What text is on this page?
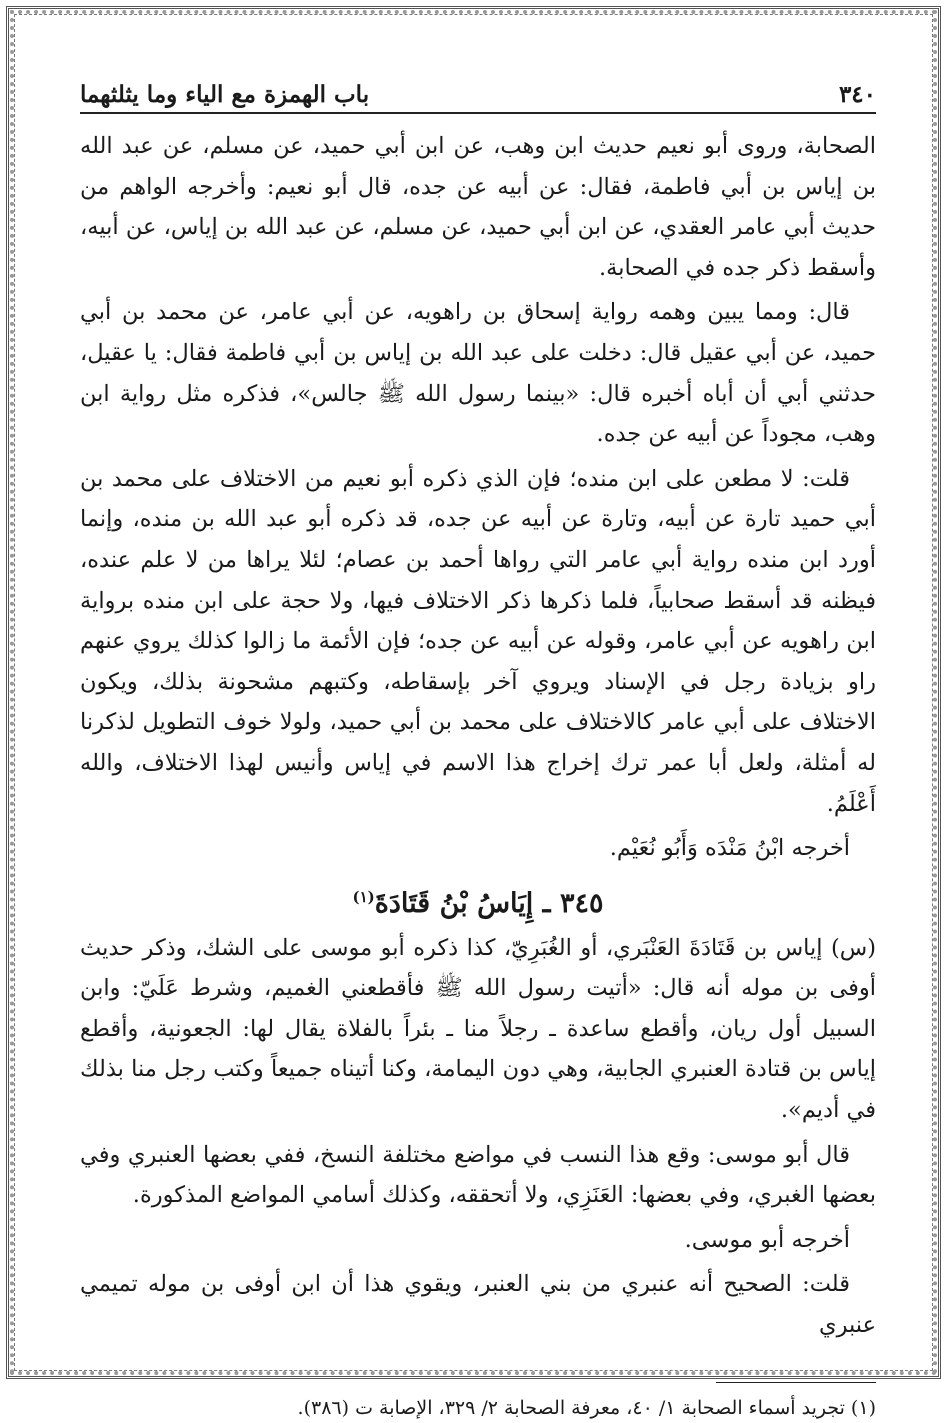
٣٤٠
باب الهمزة مع الياء وما يثلثهما

الصحابة، وروى أبو نعيم حديث ابن وهب، عن ابن أبي حميد، عن مسلم، عن عبد الله بن إياس بن أبي فاطمة، فقال: عن أبيه عن جده، قال أبو نعيم: وأخرجه الواهم من حديث أبي عامر العقدي، عن ابن أبي حميد، عن مسلم، عن عبد الله بن إياس، عن أبيه، وأسقط ذكر جده في الصحابة.

قال: ومما يبين وهمه رواية إسحاق بن راهويه، عن أبي عامر، عن محمد بن أبي حميد، عن أبي عقيل قال: دخلت على عبد الله بن إياس بن أبي فاطمة فقال: يا عقيل، حدثني أبي أن أباه أخبره قال: «بينما رسول الله ﷺ جالس»، فذكره مثل رواية ابن وهب، مجوداً عن أبيه عن جده.

قلت: لا مطعن على ابن منده؛ فإن الذي ذكره أبو نعيم من الاختلاف على محمد بن أبي حميد تارة عن أبيه، وتارة عن أبيه عن جده، قد ذكره أبو عبد الله بن منده، وإنما أورد ابن منده رواية أبي عامر التي رواها أحمد بن عصام؛ لئلا يراها من لا علم عنده، فيظنه قد أسقط صحابياً، فلما ذكرها ذكر الاختلاف فيها، ولا حجة على ابن منده برواية ابن راهويه عن أبي عامر، وقوله عن أبيه عن جده؛ فإن الأئمة ما زالوا كذلك يروي عنهم راو بزيادة رجل في الإسناد ويروي آخر بإسقاطه، وكتبهم مشحونة بذلك، ويكون الاختلاف على أبي عامر كالاختلاف على محمد بن أبي حميد، ولولا خوف التطويل لذكرنا له أمثلة، ولعل أبا عمر ترك إخراج هذا الاسم في إياس وأنيس لهذا الاختلاف، والله أَعْلَمُ.

أخرجه ابْنُ مَنْدَه وَأَبُو نُعَيْم.

٣٤٥ ـ إِيَاسُ بْنُ قَتَادَةَ$^{(١)}$

(س) إياس بن قَتَادَةَ العَنْبَري، أو الغُبَرِيّ، كذا ذكره أبو موسى على الشك، وذكر حديث أوفى بن موله أنه قال: «أتيت رسول الله ﷺ فأقطعني الغميم، وشرط عَلَيّ: وابن السبيل أول ريان، وأقطع ساعدة ـ رجلاً منا ـ بئراً بالفلاة يقال لها: الجعونية، وأقطع إياس بن قتادة العنبري الجابية، وهي دون اليمامة، وكنا أتيناه جميعاً وكتب رجل منا بذلك في أديم».

قال أبو موسى: وقع هذا النسب في مواضع مختلفة النسخ، ففي بعضها العنبري وفي بعضها الغبري، وفي بعضها: العَنَزِي، ولا أتحققه، وكذلك أسامي المواضع المذكورة.

أخرجه أبو موسى.

قلت: الصحيح أنه عنبري من بني العنبر، ويقوي هذا أن ابن أوفى بن موله تميمي عنبري

(١) تجريد أسماء الصحابة ١/ ٤٠، معرفة الصحابة ٢/ ٣٢٩، الإصابة ت (٣٨٦).
